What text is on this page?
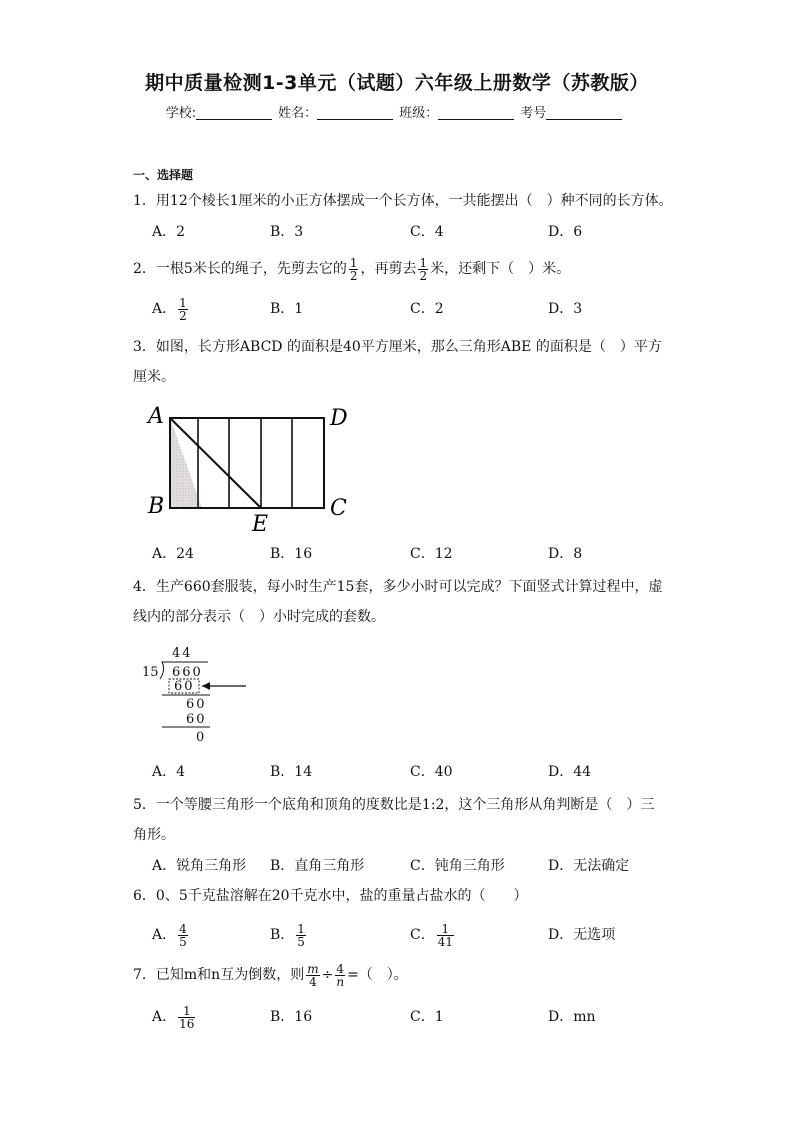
期中质量检测1-3单元（试题）六年级上册数学（苏教版）
学校:	姓名：	班级：	考号
一、选择题
1．用12个棱长1厘米的小正方体摆成一个长方体，一共能摆出（　）种不同的长方体。
A．2	B．3	C．4	D．6
2．一根5米长的绳子，先剪去它的 $\frac{1}{2}$ ，再剪去 $\frac{1}{2}$ 米，还剩下（　）米。
A． $\frac{1}{2}$	B．1	C．2	D．3
3．如图，长方形ABCD 的面积是40平方厘米，那么三角形ABE 的面积是（　）平方
厘米。
A	D
B	C
E
A．24	B．16	C．12	D．8
4．生产660套服装，每小时生产15套，多少小时可以完成？下面竖式计算过程中，虚
线内的部分表示（　）小时完成的套数。
44
15 660
60
60
60
0
A．4	B．14	C．40	D．44
5．一个等腰三角形一个底角和顶角的度数比是1:2，这个三角形从角判断是（　）三
角形。
A．锐角三角形 B．直角三角形	C．钝角三角形	D．无法确定
6．0、5千克盐溶解在20千克水中，盐的重量占盐水的（　　）
A． $\frac{4}{5}$	B． $\frac{1}{5}$	C． $\frac{1}{41}$	D．无选项
7．已知m和n互为倒数，则 $\frac{m}{4} \div \frac{4}{n}$ =（　）。
A． $\frac{1}{16}$	B．16	C．1	D．mn
